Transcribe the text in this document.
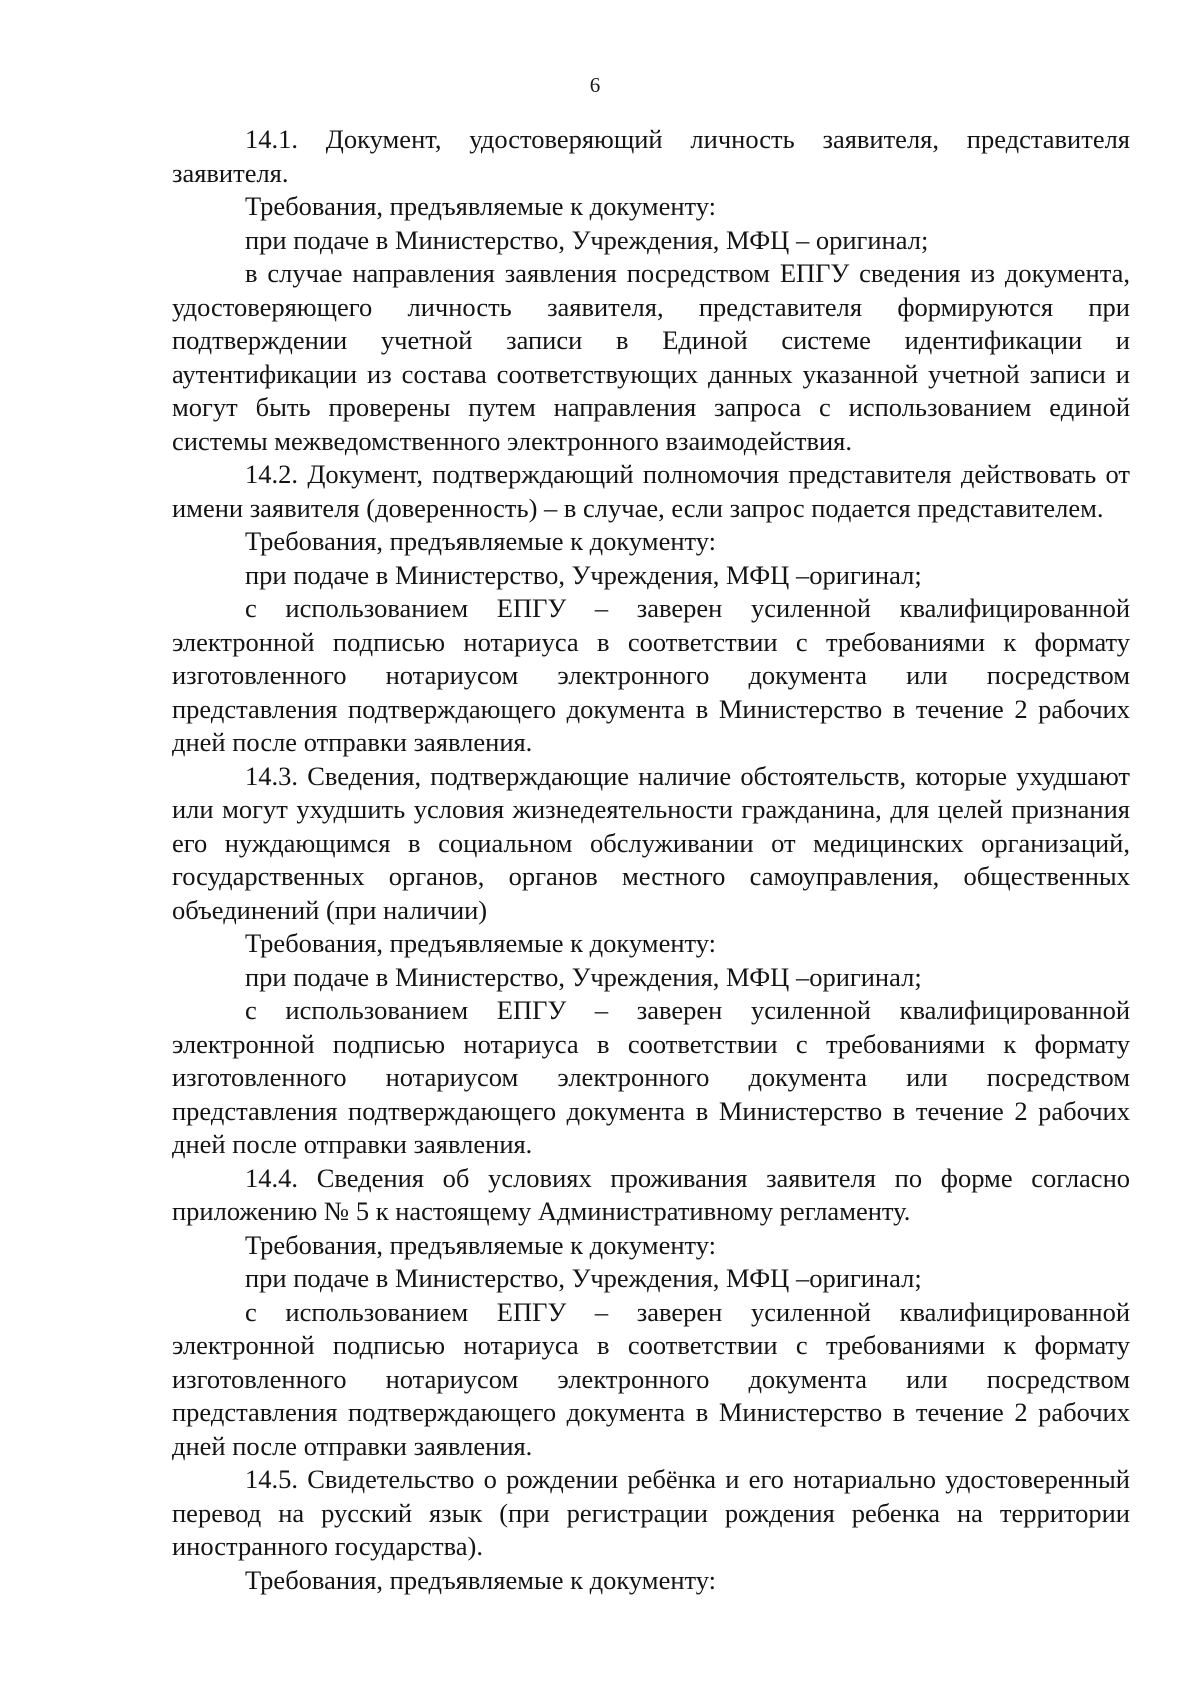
6

14.1. Документ, удостоверяющий личность заявителя, представителя заявителя.

Требования, предъявляемые к документу:

при подаче в Министерство, Учреждения, МФЦ – оригинал;

в случае направления заявления посредством ЕПГУ сведения из документа, удостоверяющего личность заявителя, представителя формируются при подтверждении учетной записи в Единой системе идентификации и аутентификации из состава соответствующих данных указанной учетной записи и могут быть проверены путем направления запроса с использованием единой системы межведомственного электронного взаимодействия.

14.2. Документ, подтверждающий полномочия представителя действовать от имени заявителя (доверенность) – в случае, если запрос подается представителем.

Требования, предъявляемые к документу:

при подаче в Министерство, Учреждения, МФЦ –оригинал;

с использованием ЕПГУ – заверен усиленной квалифицированной электронной подписью нотариуса в соответствии с требованиями к формату изготовленного нотариусом электронного документа или посредством представления подтверждающего документа в Министерство в течение 2 рабочих дней после отправки заявления.

14.3. Сведения, подтверждающие наличие обстоятельств, которые ухудшают или могут ухудшить условия жизнедеятельности гражданина, для целей признания его нуждающимся в социальном обслуживании от медицинских организаций, государственных органов, органов местного самоуправления, общественных объединений (при наличии)

Требования, предъявляемые к документу:

при подаче в Министерство, Учреждения, МФЦ –оригинал;

с использованием ЕПГУ – заверен усиленной квалифицированной электронной подписью нотариуса в соответствии с требованиями к формату изготовленного нотариусом электронного документа или посредством представления подтверждающего документа в Министерство в течение 2 рабочих дней после отправки заявления.

14.4. Сведения об условиях проживания заявителя по форме согласно приложению № 5 к настоящему Административному регламенту.

Требования, предъявляемые к документу:

при подаче в Министерство, Учреждения, МФЦ –оригинал;

с использованием ЕПГУ – заверен усиленной квалифицированной электронной подписью нотариуса в соответствии с требованиями к формату изготовленного нотариусом электронного документа или посредством представления подтверждающего документа в Министерство в течение 2 рабочих дней после отправки заявления.

14.5. Свидетельство о рождении ребёнка и его нотариально удостоверенный перевод на русский язык (при регистрации рождения ребенка на территории иностранного государства).

Требования, предъявляемые к документу:
